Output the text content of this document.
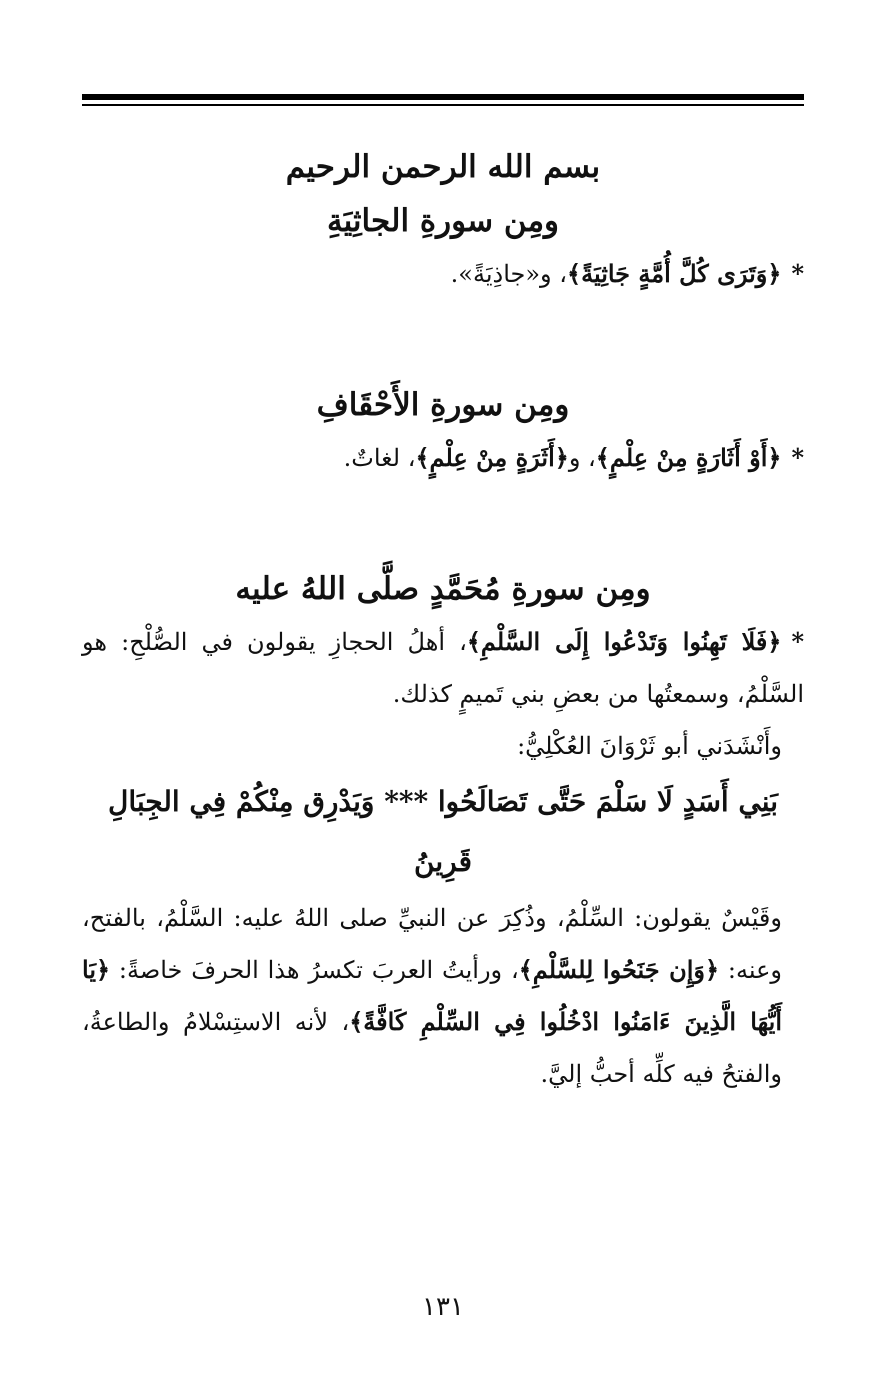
بسم الله الرحمن الرحيم

ومِن سورةِ الجاثِيَةِ

*﴿وَتَرَى كُلَّ أُمَّةٍ جَاثِيَةً﴾، و«جاذِيَةً».

ومِن سورةِ الأَحْقَافِ

*﴿أَوْ أَثَارَةٍ مِنْ عِلْمٍ﴾، و﴿أَثَرَةٍ مِنْ عِلْمٍ﴾، لغاتٌ.

ومِن سورةِ مُحَمَّدٍ صلَّى اللهُ عليه

*﴿فَلَا تَهِنُوا وَتَدْعُوا إِلَى السَّلْمِ﴾، أهلُ الحجازِ يقولون في الصُّلْحِ: هو السَّلْمُ، وسمعتُها من بعضِ بني تَميمٍ كذلك.

وأَنْشَدَني أبو ثَرْوَانَ العُكْلِيُّ:

بَنِي أَسَدٍ لَا سَلْمَ حَتَّى تَصَالَحُوا *** وَيَدْرِق مِنْكُمْ فِي الجِبَالِ قَرِينُ

وقَيْسٌ يقولون: السِّلْمُ، وذُكِرَ عن النبيِّ صلى اللهُ عليه: السَّلْمُ، بالفتح، وعنه: ﴿وَإِن جَنَحُوا لِلسَّلْمِ﴾، ورأيتُ العربَ تكسرُ هذا الحرفَ خاصةً: ﴿يَا أَيُّهَا الَّذِينَ ءَامَنُوا ادْخُلُوا فِي السِّلْمِ كَافَّةً﴾، لأنه الاستِسْلامُ والطاعةُ، والفتحُ فيه كلِّه أحبُّ إليَّ.

١٣١
